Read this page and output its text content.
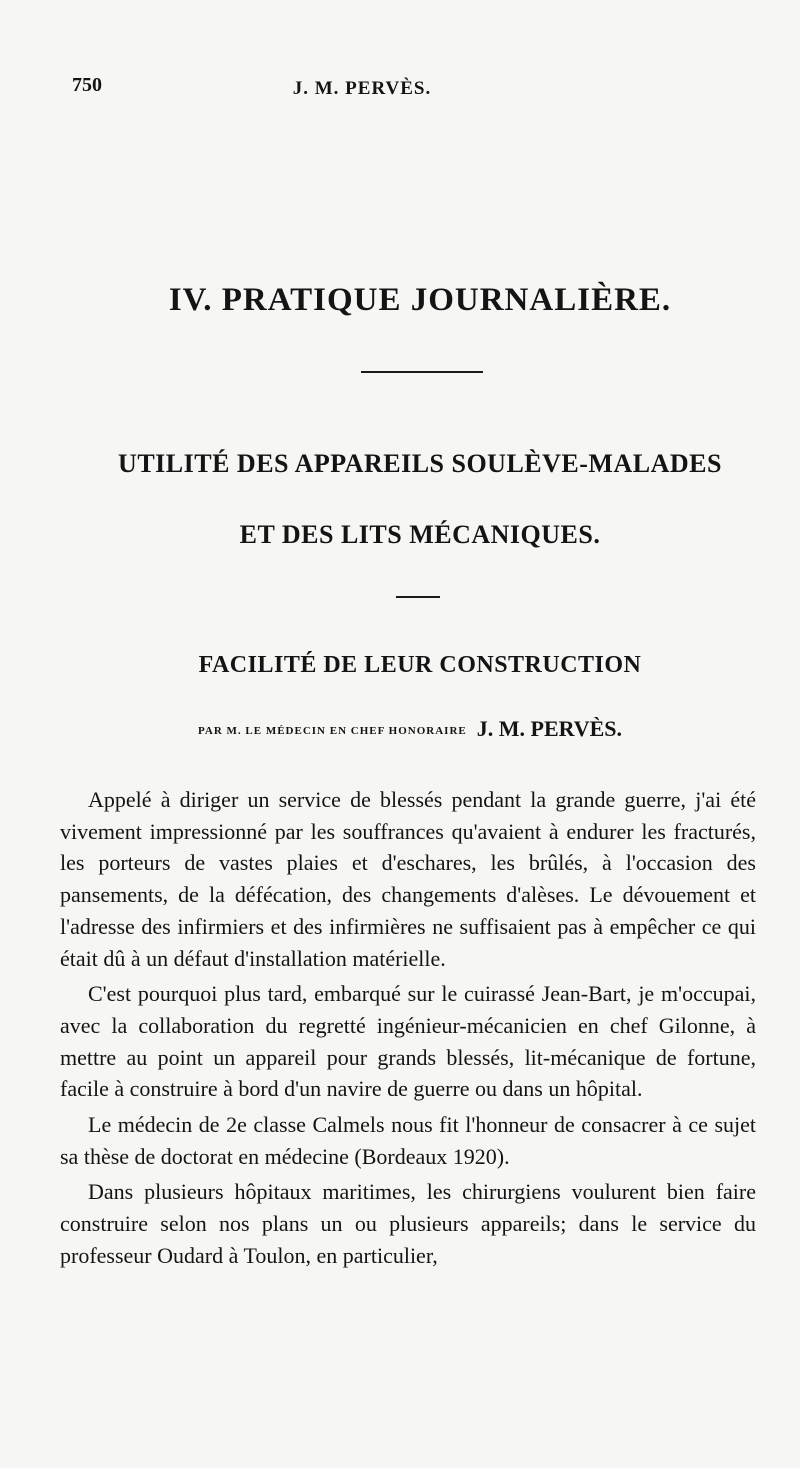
750	J. M. PERVÈS.
IV. PRATIQUE JOURNALIÈRE.
UTILITÉ DES APPAREILS SOULÈVE-MALADES
ET DES LITS MÉCANIQUES.
FACILITÉ DE LEUR CONSTRUCTION
PAR M. LE MÉDECIN EN CHEF HONORAIRE J. M. PERVÈS.

Appelé à diriger un service de blessés pendant la grande guerre, j'ai été vivement impressionné par les souffrances qu'avaient à endurer les fracturés, les porteurs de vastes plaies et d'eschares, les brûlés, à l'occasion des pansements, de la défécation, des changements d'alèses. Le dévouement et l'adresse des infirmiers et des infirmières ne suffisaient pas à empêcher ce qui était dû à un défaut d'installation matérielle.

C'est pourquoi plus tard, embarqué sur le cuirassé Jean-Bart, je m'occupai, avec la collaboration du regretté ingénieur-mécanicien en chef Gilonne, à mettre au point un appareil pour grands blessés, lit-mécanique de fortune, facile à construire à bord d'un navire de guerre ou dans un hôpital.

Le médecin de 2e classe Calmels nous fit l'honneur de consacrer à ce sujet sa thèse de doctorat en médecine (Bordeaux 1920).

Dans plusieurs hôpitaux maritimes, les chirurgiens voulurent bien faire construire selon nos plans un ou plusieurs appareils; dans le service du professeur Oudard à Toulon, en particulier,
